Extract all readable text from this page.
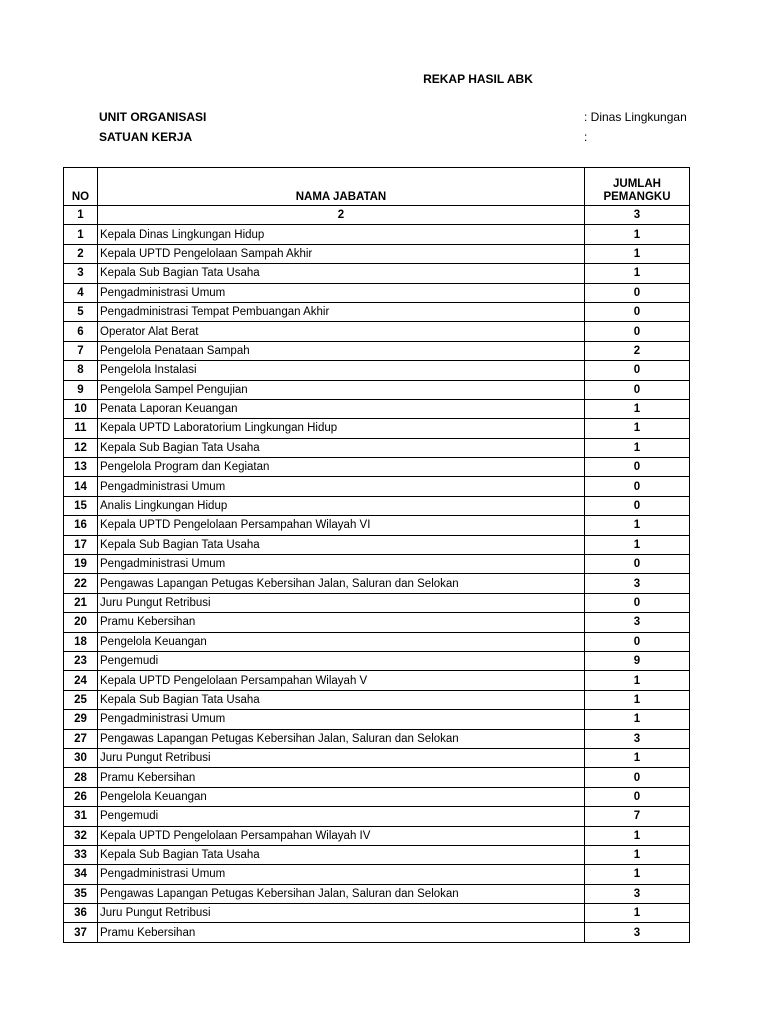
REKAP HASIL ABK
UNIT ORGANISASI	: Dinas Lingkungan
SATUAN KERJA	:
NO	NAMA JABATAN	JUMLAH
PEMANGKU

1	2	3
1	Kepala Dinas Lingkungan Hidup	1
2	Kepala UPTD Pengelolaan Sampah Akhir	1
3	Kepala Sub Bagian Tata Usaha	1
4	Pengadministrasi Umum	0
5	Pengadministrasi Tempat Pembuangan Akhir	0
6	Operator Alat Berat	0
7	Pengelola Penataan Sampah	2
8	Pengelola Instalasi	0
9	Pengelola Sampel Pengujian	0
10	Penata Laporan Keuangan	1
11	Kepala UPTD Laboratorium Lingkungan Hidup	1
12	Kepala Sub Bagian Tata Usaha	1
13	Pengelola Program dan Kegiatan	0
14	Pengadministrasi Umum	0
15	Analis Lingkungan Hidup	0
16	Kepala UPTD Pengelolaan Persampahan Wilayah VI	1
17	Kepala Sub Bagian Tata Usaha	1
19	Pengadministrasi Umum	0
22	Pengawas Lapangan Petugas Kebersihan Jalan, Saluran dan Selokan	3
21	Juru Pungut Retribusi	0
20	Pramu Kebersihan	3
18	Pengelola Keuangan	0
23	Pengemudi	9
24	Kepala UPTD Pengelolaan Persampahan Wilayah V	1
25	Kepala Sub Bagian Tata Usaha	1
29	Pengadministrasi Umum	1
27	Pengawas Lapangan Petugas Kebersihan Jalan, Saluran dan Selokan	3
30	Juru Pungut Retribusi	1
28	Pramu Kebersihan	0
26	Pengelola Keuangan	0
31	Pengemudi	7
32	Kepala UPTD Pengelolaan Persampahan Wilayah IV	1
33	Kepala Sub Bagian Tata Usaha	1
34	Pengadministrasi Umum	1
35	Pengawas Lapangan Petugas Kebersihan Jalan, Saluran dan Selokan	3
36	Juru Pungut Retribusi	1
37	Pramu Kebersihan	3
